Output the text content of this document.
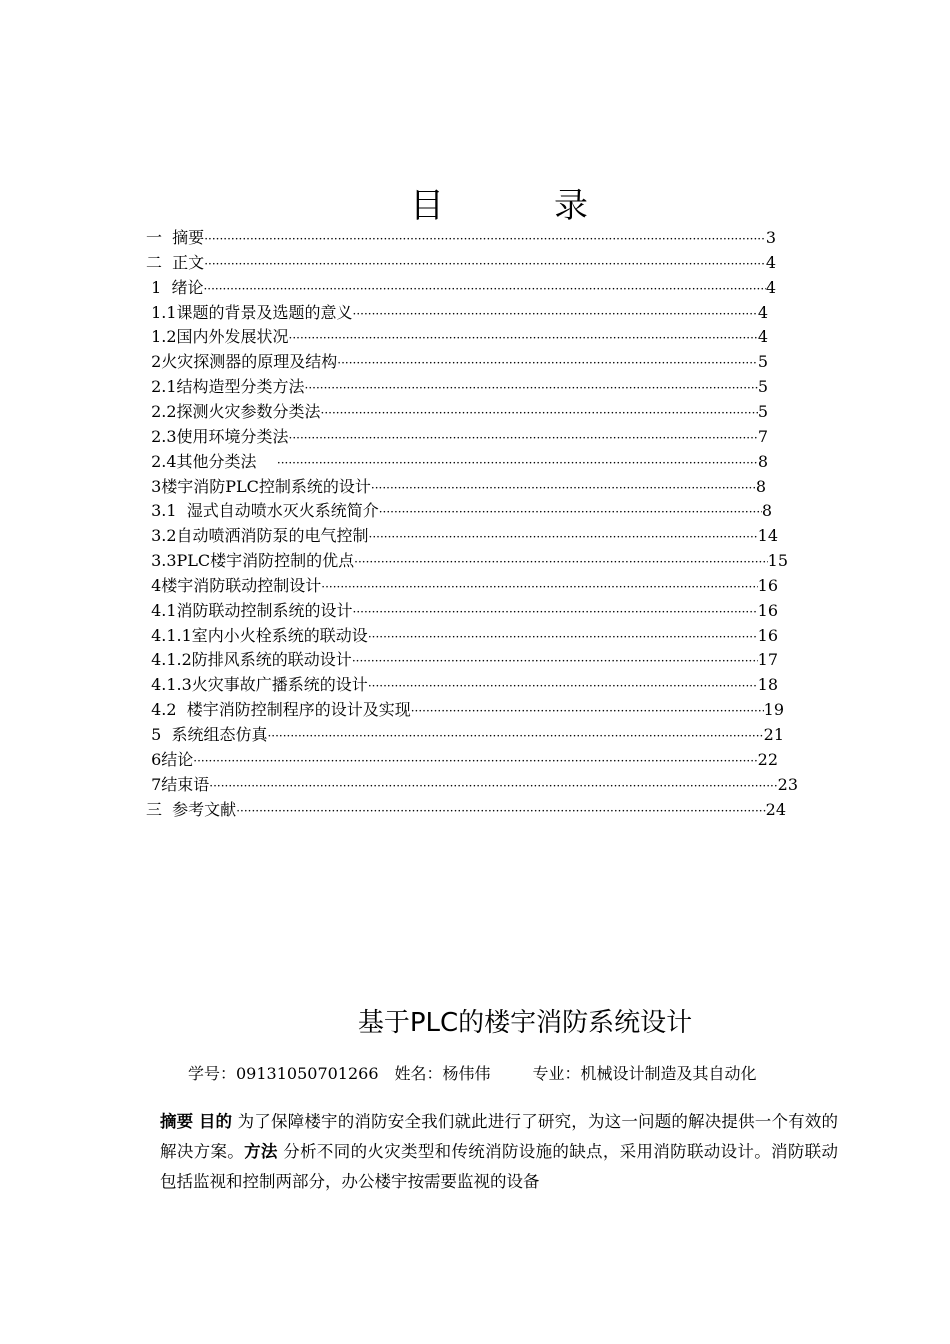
目	录
一  摘要 ·····	3
二  正文 ·····	4
1  绪论 ·····	4
1.1课题的背景及选题的意义 ·····	4
1.2国内外发展状况 ·····	4
2火灾探测器的原理及结构 ·····	5
2.1结构造型分类方法 ·····	5
2.2探测火灾参数分类法 ·····	5
2.3使用环境分类法 ·····	7
2.4其他分类法 ·····	8
3楼宇消防PLC控制系统的设计 ·····	8
3.1  湿式自动喷水灭火系统简介 ·····	8
3.2自动喷洒消防泵的电气控制 ·····	14
3.3PLC楼宇消防控制的优点 ·····	15
4楼宇消防联动控制设计 ·····	16
4.1消防联动控制系统的设计 ·····	16
4.1.1室内小火栓系统的联动设 ·····	16
4.1.2防排风系统的联动设计 ·····	17
4.1.3火灾事故广播系统的设计 ·····	18
4.2  楼宇消防控制程序的设计及实现 ·····	19
5  系统组态仿真 ·····	21
6结论 ·····	22
7结束语 ·····	23
三  参考文献 ·····	24
基于PLC的楼宇消防系统设计
学号：09131050701266 姓名：杨伟伟	专业：机械设计制造及其自动化
摘要 目的 为了保障楼宇的消防安全我们就此进行了研究，为这一问题的解决提供一个有效的解决方案。方法 分析不同的火灾类型和传统消防设施的缺点，采用消防联动设计。消防联动包括监视和控制两部分，办公楼宇按需要监视的设备
